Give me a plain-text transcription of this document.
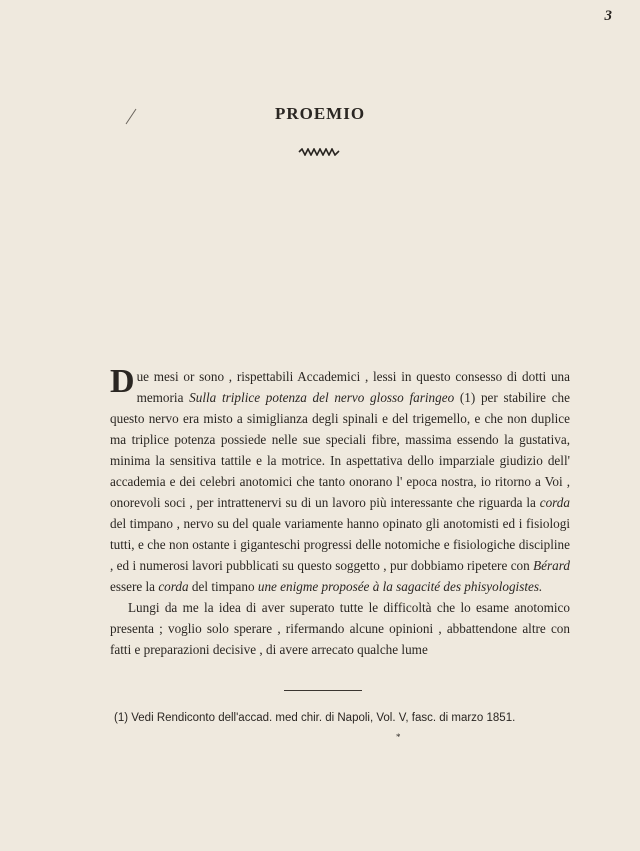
3
PROEMIO

Due mesi or sono , rispettabili Accademici , lessi in questo consesso di dotti una memoria Sulla triplice potenza del nervo glosso faringeo (1) per stabilire che questo nervo era misto a simiglianza degli spinali e del trigemello, e che non duplice ma triplice potenza possiede nelle sue speciali fibre, massima essendo la gustativa, minima la sensitiva tattile e la motrice. In aspettativa dello imparziale giudizio dell' accademia e dei celebri anotomici che tanto onorano l' epoca nostra, io ritorno a Voi , onorevoli soci , per intrattenervi su di un lavoro più interessante che riguarda la corda del timpano , nervo su del quale variamente hanno opinato gli anotomisti ed i fisiologi tutti, e che non ostante i giganteschi progressi delle notomiche e fisiologiche discipline , ed i numerosi lavori pubblicati su questo soggetto , pur dobbiamo ripetere con Bérard essere la corda del timpano une enigme proposée à la sagacité des phisyologistes.

Lungi da me la idea di aver superato tutte le difficoltà che lo esame anotomico presenta ; voglio solo sperare , rifermando alcune opinioni , abbattendone altre con fatti e preparazioni decisive , di avere arrecato qualche lume

(1) Vedi Rendiconto dell'accad. med chir. di Napoli, Vol. V, fasc. di marzo 1851.
*
